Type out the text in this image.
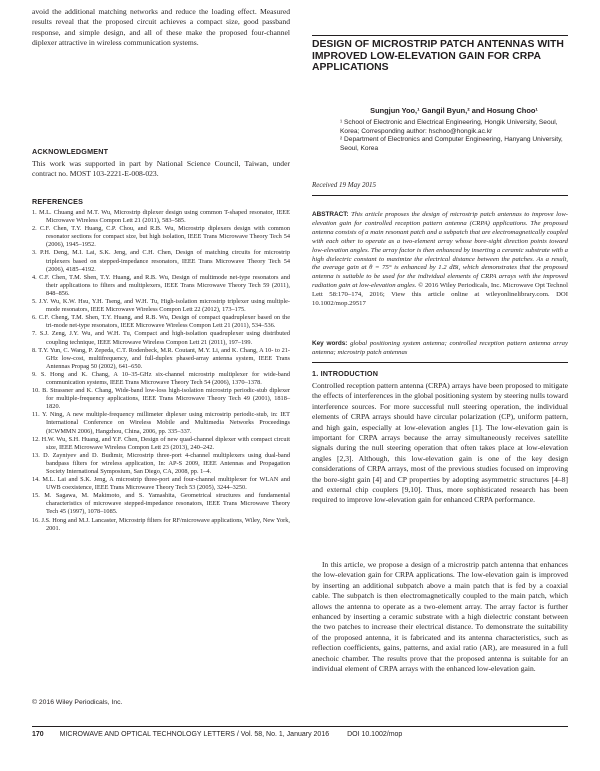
avoid the additional matching networks and reduce the loading effect. Measured results reveal that the proposed circuit achieves a compact size, good passband response, and simple design, and all of these make the proposed four-channel diplexer attractive in wireless communication systems.

ACKNOWLEDGMENT

This work was supported in part by National Science Council, Taiwan, under contract no. MOST 103-2221-E-008-023.

REFERENCES

1. M.L. Chuang and M.T. Wu, Microstrip diplexer design using common T-shaped resonator, IEEE Microwave Wireless Compon Lett 21 (2011), 583–585.
2. C.F. Chen, T.Y. Huang, C.P. Chou, and R.B. Wu, Microstrip diplexers design with common resonator sections for compact size, but high isolation, IEEE Trans Microwave Theory Tech 54 (2006), 1945–1952.
3. P.H. Deng, M.I. Lai, S.K. Jeng, and C.H. Chen, Design of matching circuits for microstrip triplexers based on stepped-impedance resonators, IEEE Trans Microwave Theory Tech 54 (2006), 4185–4192.
4. C.F. Chen, T.M. Shen, T.Y. Huang, and R.B. Wu, Design of multimode net-type resonators and their applications to filters and multiplexers, IEEE Trans Microwave Theory Tech 59 (2011), 848–856.
5. J.Y. Wu, K.W. Hsu, Y.H. Tseng, and W.H. Tu, High-isolation microstrip triplexer using multiple-mode resonators, IEEE Microwave Wireless Compon Lett 22 (2012), 173–175.
6. C.F. Cheng, T.M. Shen, T.Y. Huang, and R.B. Wu, Design of compact quadruplexer based on the tri-mode net-type resonators, IEEE Microwave Wireless Compon Lett 21 (2011), 534–536.
7. S.J. Zeng, J.Y. Wu, and W.H. Tu, Compact and high-isolation quadruplexer using distributed coupling technique, IEEE Microwave Wireless Compon Lett 21 (2011), 197–199.
8. T.Y. Yun, C. Wang, P. Zepeda, C.T. Rodenbeck, M.R. Coutant, M.Y. Li, and K. Chang, A 10- to 21-GHz low-cost, multifrequency, and full-duplex phased-array antenna system, IEEE Trans Antennas Propag 50 (2002), 641–650.
9. S. Hong and K. Chang, A 10–35-GHz six-channel microstrip multiplexer for wide-band communication systems, IEEE Trans Microwave Theory Tech 54 (2006), 1370–1378.
10. B. Strassner and K. Chang, Wide-band low-loss high-isolation microstrip periodic-stub diplexer for multiple-frequency applications, IEEE Trans Microwave Theory Tech 49 (2001), 1818–1820.
11. Y. Ning, A new multiple-frequency millimeter diplexer using microstrip periodic-stub, in: IET International Conference on Wireless Mobile and Multimedia Networks Proceedings (ICWMMN 2006), Hangzhou, China, 2006, pp. 335–337.
12. H.W. Wu, S.H. Huang, and Y.F. Chen, Design of new quad-channel diplexer with compact circuit size, IEEE Microwave Wireless Compon Lett 23 (2013), 240–242.
13. D. Zayniyev and D. Budimir, Microstrip three-port 4-channel multiplexers using dual-band bandpass filters for wireless application, In: AP-S 2009, IEEE Antennas and Propagation Society International Symposium, San Diego, CA, 2008, pp. 1–4.
14. M.L. Lai and S.K. Jeng, A microstrip three-port and four-channel multiplexer for WLAN and UWB coexistence, IEEE Trans Microwave Theory Tech 53 (2005), 3244–3250.
15. M. Sagawa, M. Makimoto, and S. Yamashita, Geometrical structures and fundamental characteristics of microwave stepped-impedance resonators, IEEE Trans Microwave Theory Tech 45 (1997), 1078–1085.
16. J.S. Hong and M.J. Lancaster, Microstrip filters for RF/microwave applications, Wiley, New York, 2001.

© 2016 Wiley Periodicals, Inc.

DESIGN OF MICROSTRIP PATCH ANTENNAS WITH IMPROVED LOW-ELEVATION GAIN FOR CRPA APPLICATIONS

Sungjun Yoo,¹ Gangil Byun,² and Hosung Choo¹

¹ School of Electronic and Electrical Engineering, Hongik University, Seoul, Korea; Corresponding author: hschoo@hongik.ac.kr

² Department of Electronics and Computer Engineering, Hanyang University, Seoul, Korea

Received 19 May 2015

ABSTRACT: This article proposes the design of microstrip patch antennas to improve low-elevation gain for controlled reception pattern antenna (CRPA) applications. The proposed antenna consists of a main resonant patch and a subpatch that are electromagnetically coupled with each other to operate as a two-element array whose bore-sight direction points toward low-elevation angles. The array factor is then enhanced by inserting a ceramic substrate with a high dielectric constant to maximize the electrical distance between the patches. As a result, the average gain at θ = 75° is enhanced by 1.2 dBi, which demonstrates that the proposed antenna is suitable to be used for the individual elements of CRPA arrays with the improved radiation gain at low-elevation angles. © 2016 Wiley Periodicals, Inc. Microwave Opt Technol Lett 58:170–174, 2016; View this article online at wileyonlinelibrary.com. DOI 10.1002/mop.29517

Key words: global positioning system antenna; controlled reception pattern antenna array antenna; microstrip patch antennas

1. INTRODUCTION

Controlled reception pattern antenna (CRPA) arrays have been proposed to mitigate the effects of interferences in the global positioning system by steering nulls toward interference sources. For more successful null steering operation, the individual elements of CRPA arrays should have circular polarization (CP), uniform pattern, and high gain, especially at low-elevation angles [1]. The low-elevation gain is important for CRPA arrays because the array simultaneously receives satellite signals during the null steering operation that often takes place at low-elevation angles [2,3]. Although, this low-elevation gain is one of the key design considerations of CRPA arrays, most of the previous studies focused on improving the bore-sight gain [4] and CP properties by adopting asymmetric structures [4–8] and external chip couplers [9,10]. Thus, more sophisticated research has been required to improve low-elevation gain for enhanced CRPA performance.

In this article, we propose a design of a microstrip patch antenna that enhances the low-elevation gain for CRPA applications. The low-elevation gain is improved by inserting an additional subpatch above a main patch that is fed by a coaxial cable. The subpatch is then electromagnetically coupled to the main patch, which allows the antenna to operate as a two-element array. The array factor is further enhanced by inserting a ceramic substrate with a high dielectric constant between the two patches to increase their electrical distance. To demonstrate the suitability of the proposed antenna, it is fabricated and its antenna characteristics, such as reflection coefficients, gains, patterns, and axial ratio (AR), are measured in a full anechoic chamber. The results prove that the proposed antenna is suitable for an individual element of CRPA arrays with the enhanced low-elevation gain.

170 MICROWAVE AND OPTICAL TECHNOLOGY LETTERS / Vol. 58, No. 1, January 2016	DOI 10.1002/mop
